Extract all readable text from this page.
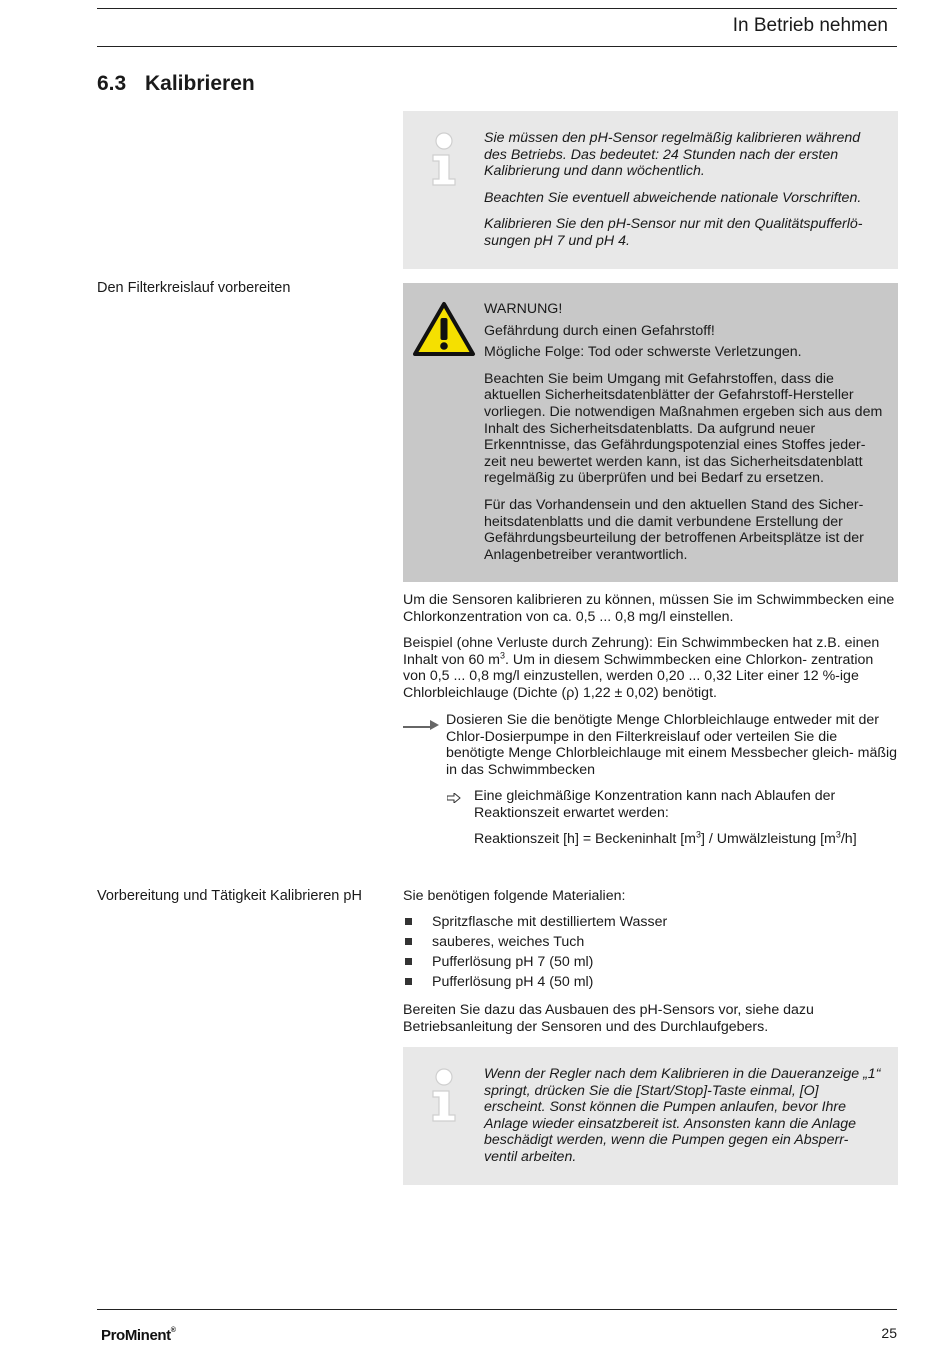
In Betrieb nehmen
6.3 Kalibrieren

Sie müssen den pH-Sensor regelmäßig kalibrieren während des Betriebs. Das bedeutet: 24 Stunden nach der ersten Kalibrierung und dann wöchentlich.

Beachten Sie eventuell abweichende nationale Vorschriften.

Kalibrieren Sie den pH-Sensor nur mit den Qualitätspufferlö- sungen pH 7 und pH 4.

Den Filterkreislauf vorbereiten

WARNUNG!
Gefährdung durch einen Gefahrstoff!
Mögliche Folge: Tod oder schwerste Verletzungen.

Beachten Sie beim Umgang mit Gefahrstoffen, dass die aktuellen Sicherheitsdatenblätter der Gefahrstoff-Hersteller vorliegen. Die notwendigen Maßnahmen ergeben sich aus dem Inhalt des Sicherheitsdatenblatts. Da aufgrund neuer Erkenntnisse, das Gefährdungspotenzial eines Stoffes jeder- zeit neu bewertet werden kann, ist das Sicherheitsdatenblatt regelmäßig zu überprüfen und bei Bedarf zu ersetzen.

Für das Vorhandensein und den aktuellen Stand des Sicher- heitsdatenblatts und die damit verbundene Erstellung der Gefährdungsbeurteilung der betroffenen Arbeitsplätze ist der Anlagenbetreiber verantwortlich.

Um die Sensoren kalibrieren zu können, müssen Sie im Schwimmbecken eine Chlorkonzentration von ca. 0,5 ... 0,8 mg/l einstellen.

Beispiel (ohne Verluste durch Zehrung): Ein Schwimmbecken hat z.B. einen Inhalt von 60 $m^3$. Um in diesem Schwimmbecken eine Chlorkon- zentration von 0,5 ... 0,8 mg/l einzustellen, werden 0,20 ... 0,32 Liter einer 12 %-ige Chlorbleichlauge (Dichte (ρ) 1,22 ± 0,02) benötigt.

Dosieren Sie die benötigte Menge Chlorbleichlauge entweder mit der Chlor-Dosierpumpe in den Filterkreislauf oder verteilen Sie die benötigte Menge Chlorbleichlauge mit einem Messbecher gleich- mäßig in das Schwimmbecken
Eine gleichmäßige Konzentration kann nach Ablaufen der Reaktionszeit erwartet werden:
Reaktionszeit [h] = Beckeninhalt $[m^3]$ / Umwälzleistung $[m^3/h]$
Vorbereitung und Tätigkeit Kalibrieren pH	Sie benötigen folgende Materialien:
Spritzflasche mit destilliertem Wasser
sauberes, weiches Tuch
Pufferlösung pH 7 (50 ml)
Pufferlösung pH 4 (50 ml)
Bereiten Sie dazu das Ausbauen des pH-Sensors vor, siehe dazu Betriebsanleitung der Sensoren und des Durchlaufgebers.

Wenn der Regler nach dem Kalibrieren in die Daueranzeige „1“ springt, drücken Sie die [Start/Stop]-Taste einmal, [O] erscheint. Sonst können die Pumpen anlaufen, bevor Ihre Anlage wieder einsatzbereit ist. Ansonsten kann die Anlage beschädigt werden, wenn die Pumpen gegen ein Absperr- ventil arbeiten.

ProMinent®	25
